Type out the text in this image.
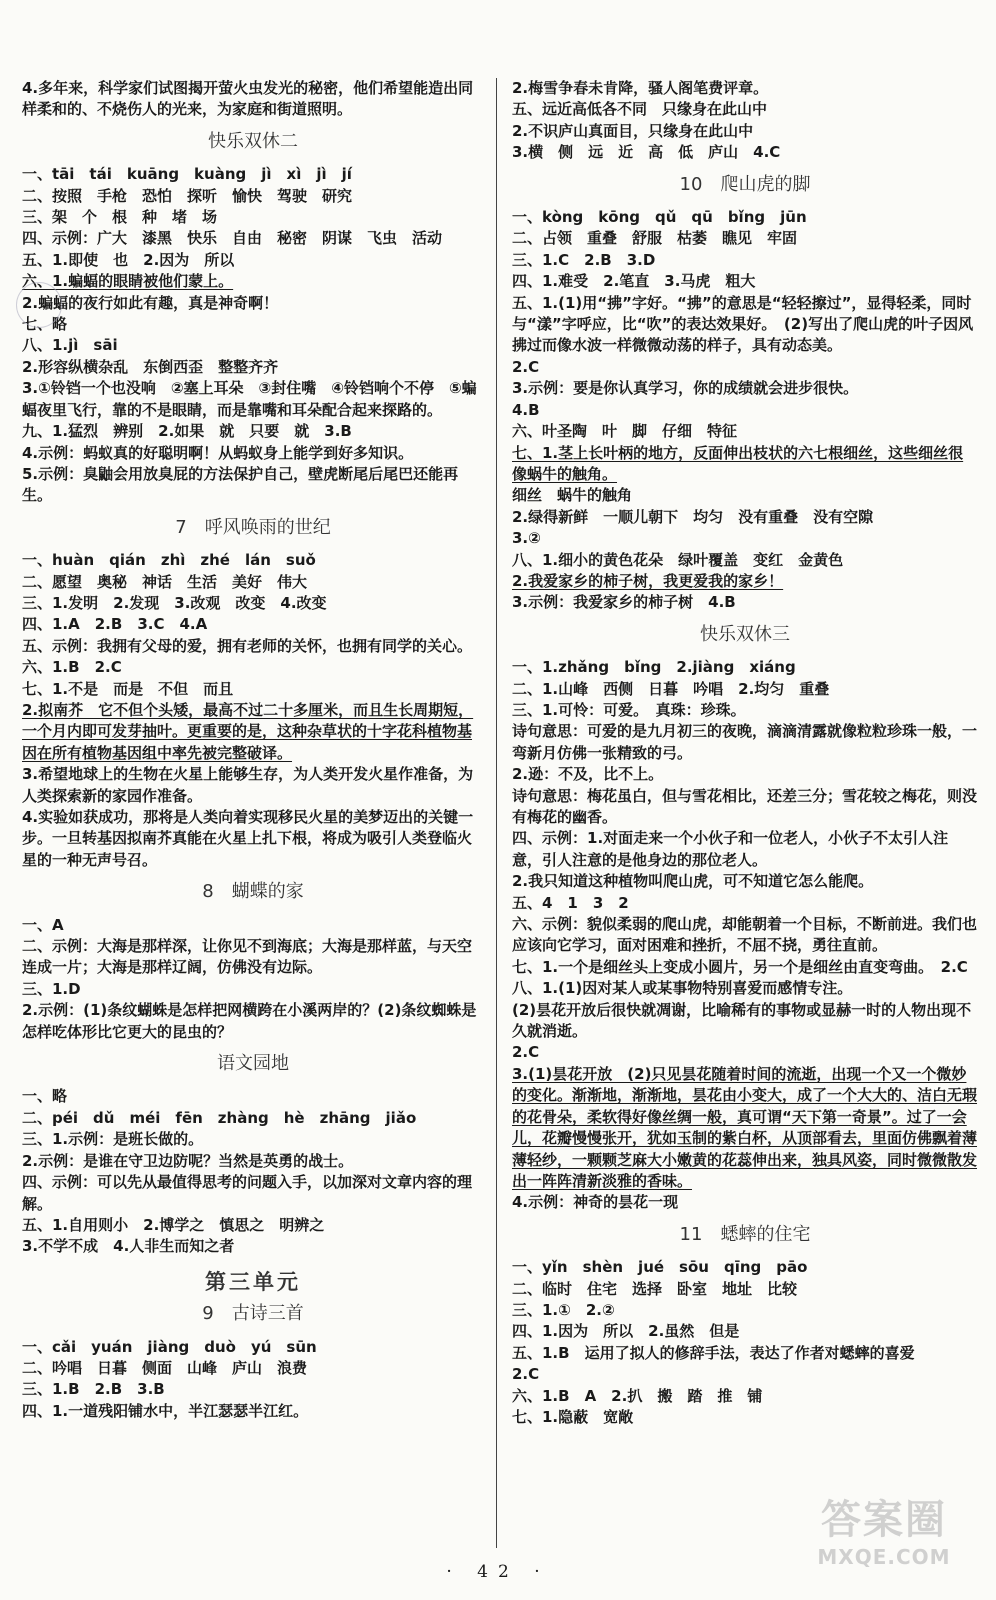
4.多年来，科学家们试图揭开萤火虫发光的秘密，他们希望能造出同样柔和的、不烧伤人的光来，为家庭和街道照明。

快乐双休二

一、tāi　tái　kuāng　kuàng　jì　xì　jì　jí

二、按照　手枪　恐怕　探听　愉快　驾驶　研究

三、架　个　根　种　堵　场

四、示例：广大　漆黑　快乐　自由　秘密　阴谋　飞虫　活动

五、1.即使　也　2.因为　所以

六、1.蝙蝠的眼睛被他们蒙上。

2.蝙蝠的夜行如此有趣，真是神奇啊！

七、略

八、1.jì　sāi

2.形容纵横杂乱　东倒西歪　整整齐齐

3.①铃铛一个也没响　②塞上耳朵　③封住嘴　④铃铛响个不停　⑤蝙蝠夜里飞行，靠的不是眼睛，而是靠嘴和耳朵配合起来探路的。

九、1.猛烈　辨别　2.如果　就　只要　就　3.B

4.示例：蚂蚁真的好聪明啊！从蚂蚁身上能学到好多知识。

5.示例：臭鼬会用放臭屁的方法保护自己，壁虎断尾后尾巴还能再生。

7　呼风唤雨的世纪

一、huàn　qián　zhì　zhé　lán　suǒ

二、愿望　奥秘　神话　生活　美好　伟大

三、1.发明　2.发现　3.改观　改变　4.改变

四、1.A　2.B　3.C　4.A

五、示例：我拥有父母的爱，拥有老师的关怀，也拥有同学的关心。

六、1.B　2.C

七、1.不是　而是　不但　而且

2.拟南芥　它不但个头矮，最高不过二十多厘米，而且生长周期短，一个月内即可发芽抽叶。更重要的是，这种杂草状的十字花科植物基因在所有植物基因组中率先被完整破译。

3.希望地球上的生物在火星上能够生存，为人类开发火星作准备，为人类探索新的家园作准备。

4.实验如获成功，那将是人类向着实现移民火星的美梦迈出的关键一步。一旦转基因拟南芥真能在火星上扎下根，将成为吸引人类登临火星的一种无声号召。

8　蝴蝶的家

一、A

二、示例：大海是那样深，让你见不到海底；大海是那样蓝，与天空连成一片；大海是那样辽阔，仿佛没有边际。

三、1.D

2.示例：(1)条纹蝴蛛是怎样把网横跨在小溪两岸的？(2)条纹蜘蛛是怎样吃体形比它更大的昆虫的？

语文园地

一、略

二、péi　dǔ　méi　fēn　zhàng　hè　zhāng　jiǎo

三、1.示例：是班长做的。

2.示例：是谁在守卫边防呢？当然是英勇的战士。

四、示例：可以先从最值得思考的问题入手，以加深对文章内容的理解。

五、1.自用则小　2.博学之　慎思之　明辨之

3.不学不成　4.人非生而知之者

第三单元

9　古诗三首

一、cǎi　yuán　jiàng　duò　yú　sūn

二、吟唱　日暮　侧面　山峰　庐山　浪费

三、1.B　2.B　3.B

四、1.一道残阳铺水中，半江瑟瑟半江红。

2.梅雪争春未肯降，骚人阁笔费评章。

五、远近高低各不同　只缘身在此山中

2.不识庐山真面目，只缘身在此山中

3.横　侧　远　近　高　低　庐山　4.C

10　爬山虎的脚

一、kòng　kōng　qǔ　qū　bǐng　jūn

二、占领　重叠　舒服　枯萎　瞧见　牢固

三、1.C　2.B　3.D

四、1.难受　2.笔直　3.马虎　粗大

五、1.(1)用“拂”字好。“拂”的意思是“轻轻擦过”，显得轻柔，同时与“漾”字呼应，比“吹”的表达效果好。　(2)写出了爬山虎的叶子因风拂过而像水波一样微微动荡的样子，具有动态美。

2.C

3.示例：要是你认真学习，你的成绩就会进步很快。

4.B

六、叶圣陶　叶　脚　仔细　特征

七、1.茎上长叶柄的地方，反面伸出枝状的六七根细丝，这些细丝很像蜗牛的触角。

细丝　蜗牛的触角

2.绿得新鲜　一顺儿朝下　均匀　没有重叠　没有空隙

3.②

八、1.细小的黄色花朵　绿叶覆盖　变红　金黄色

2.我爱家乡的柿子树，我更爱我的家乡！

3.示例：我爱家乡的柿子树　4.B

快乐双休三

一、1.zhǎng　bǐng　2.jiàng　xiáng

二、1.山峰　西侧　日暮　吟唱　2.均匀　重叠

三、1.可怜：可爱。　真珠：珍珠。

诗句意思：可爱的是九月初三的夜晚，滴滴清露就像粒粒珍珠一般，一弯新月仿佛一张精致的弓。

2.逊：不及，比不上。

诗句意思：梅花虽白，但与雪花相比，还差三分；雪花较之梅花，则没有梅花的幽香。

四、示例：1.对面走来一个小伙子和一位老人，小伙子不太引人注意，引人注意的是他身边的那位老人。

2.我只知道这种植物叫爬山虎，可不知道它怎么能爬。

五、4　1　3　2

六、示例：貌似柔弱的爬山虎，却能朝着一个目标，不断前进。我们也应该向它学习，面对困难和挫折，不屈不挠，勇往直前。

七、1.一个是细丝头上变成小圆片，另一个是细丝由直变弯曲。　2.C

八、1.(1)因对某人或某事物特别喜爱而感情专注。

(2)昙花开放后很快就凋谢，比喻稀有的事物或显赫一时的人物出现不久就消逝。

2.C

3.(1)昙花开放　(2)只见昙花随着时间的流逝，出现一个又一个微妙的变化。渐渐地，渐渐地，昙花由小变大，成了一个大大的、洁白无瑕的花骨朵，柔软得好像丝绸一般，真可谓“天下第一奇景”。过了一会儿，花瓣慢慢张开，犹如玉制的紫白杯，从顶部看去，里面仿佛飘着薄薄轻纱，一颗颗芝麻大小嫩黄的花蕊伸出来，独具风姿，同时微微散发出一阵阵清新淡雅的香味。

4.示例：神奇的昙花一现

11　蟋蟀的住宅

一、yǐn　shèn　jué　sōu　qīng　pāo

二、临时　住宅　选择　卧室　地址　比较

三、1.①　2.②

四、1.因为　所以　2.虽然　但是

五、1.B　运用了拟人的修辞手法，表达了作者对蟋蟀的喜爱

2.C

六、1.B　A　2.扒　搬　踏　推　铺

七、1.隐蔽　宽敞

· 42 ·
答案圈
MXQE.COM
